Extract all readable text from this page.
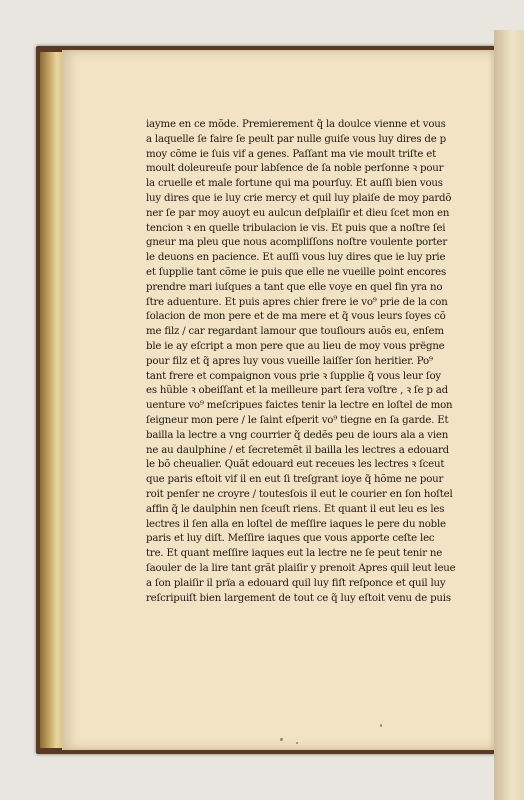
iayme en ce mõde. Premierement q̃ la doulce vienne et vous
a laquelle ſe faire ſe peult par nulle guiſe vous luy dires de p
moy cõme ie ſuis vif a genes. Paſſant ma vie moult triſte et
moult doleureuſe pour labſence de ſa noble perſonne ꝛ pour
la cruelle et male fortune qui ma pourſuy. Et auſſi bien vous
luy dires que ie luy crie mercy et quil luy plaiſe de moy pardõ
ner ſe par moy auoyt eu aulcun deſplaiſir et dieu ſcet mon en
tencion ꝛ en quelle tribulacion ie vis. Et puis que a noſtre ſei
gneur ma pleu que nous acompliſſons noſtre voulente porter
le deuons en pacience. Et auſſi vous luy dires que ie luy prie
et ſupplie tant cõme ie puis que elle ne vueille point encores
prendre mari iuſques a tant que elle voye en quel fin yra no
ſtre aduenture. Et puis apres chier frere ie vo⁹ prie de la con
ſolacion de mon pere et de ma mere et q̃ vous leurs ſoyes cõ
me filz / car regardant lamour que touſiours auõs eu, enſem
ble ie ay eſcript a mon pere que au lieu de moy vous prëgne
pour filz et q̃ apres luy vous vueille laiſſer ſon heritier. Po⁹
tant frere et compaignon vous prie ꝛ ſupplie q̃ vous leur ſoy
es hũble ꝛ obeiſſant et la meilleure part ſera voſtre , ꝛ ſe p ad
uenture vo⁹ meſcripues faictes tenir la lectre en loſtel de mon
ſeigneur mon pere / le ſaint eſperit vo⁹ tiegne en ſa garde. Et
bailla la lectre a vng courrier q̃ dedẽs peu de iours ala a vien
ne au daulphine / et ſecretemẽt il bailla les lectres a edouard
le bõ cheualier. Quãt edouard eut receues les lectres ꝛ ſceut
que paris eſtoit vif il en eut ſi treſgrant ioye q̃ hõme ne pour
roit penſer ne croyre / toutesſois il eut le courier en ſon hoſtel
affin q̃ le daulphin nen ſceuſt riens. Et quant il eut leu es les
lectres il ſen alla en loſtel de meſſire iaques le pere du noble
paris et luy diſt. Meſſire iaques que vous apporte ceſte lec
tre. Et quant meſſire iaques eut la lectre ne ſe peut tenir ne
ſaouler de la lire tant grãt plaiſir y prenoit Apres quil leut leue
a ſon plaiſir il prïa a edouard quil luy fiſt reſponce et quil luy
reſcripuiſt bien largement de tout ce q̃ luy eſtoit venu de puis
